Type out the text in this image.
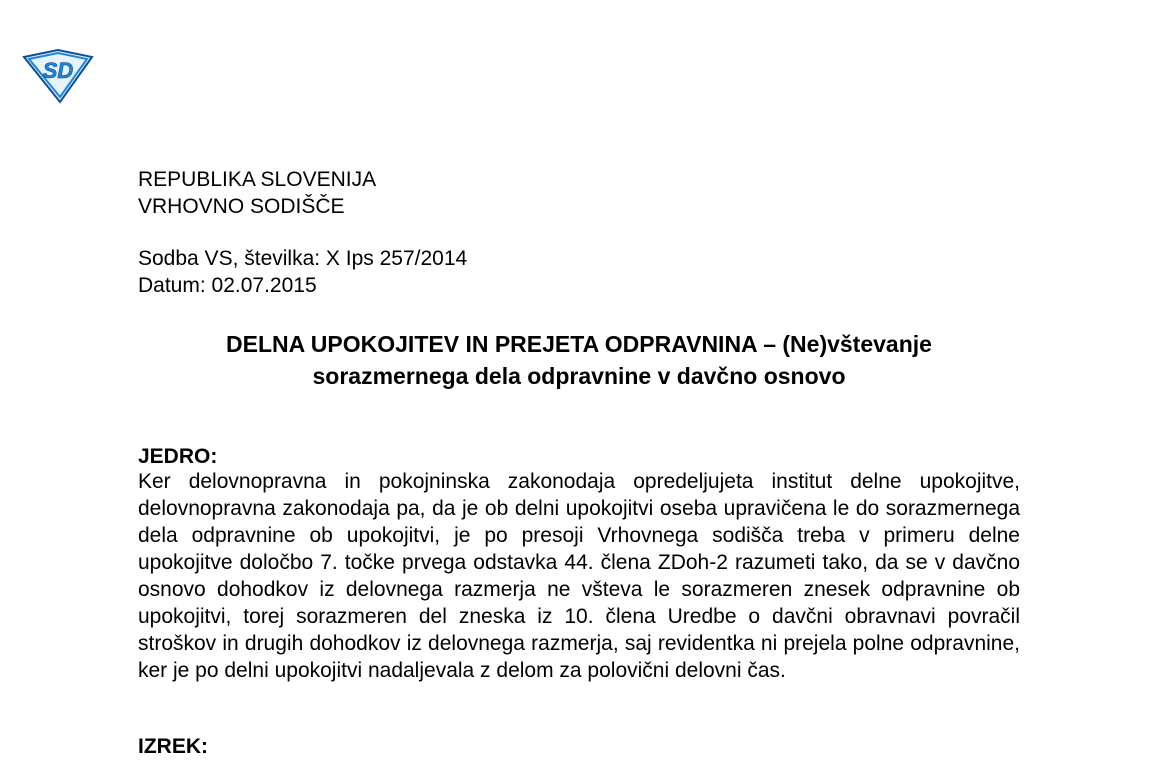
SD
REPUBLIKA SLOVENIJA
VRHOVNO SODIŠČE
Sodba VS, številka: X Ips 257/2014
Datum: 02.07.2015
DELNA UPOKOJITEV IN PREJETA ODPRAVNINA – (Ne)vštevanje
sorazmernega dela odpravnine v davčno osnovo
JEDRO:
Ker delovnopravna in pokojninska zakonodaja opredeljujeta institut delne upokojitve, delovnopravna zakonodaja pa, da je ob delni upokojitvi oseba upravičena le do sorazmernega dela odpravnine ob upokojitvi, je po presoji Vrhovnega sodišča treba v primeru delne upokojitve določbo 7. točke prvega odstavka 44. člena ZDoh-2 razumeti tako, da se v davčno osnovo dohodkov iz delovnega razmerja ne všteva le sorazmeren znesek odpravnine ob upokojitvi, torej sorazmeren del zneska iz 10. člena Uredbe o davčni obravnavi povračil stroškov in drugih dohodkov iz delovnega razmerja, saj revidentka ni prejela polne odpravnine, ker je po delni upokojitvi nadaljevala z delom za polovični delovni čas.
IZREK:
